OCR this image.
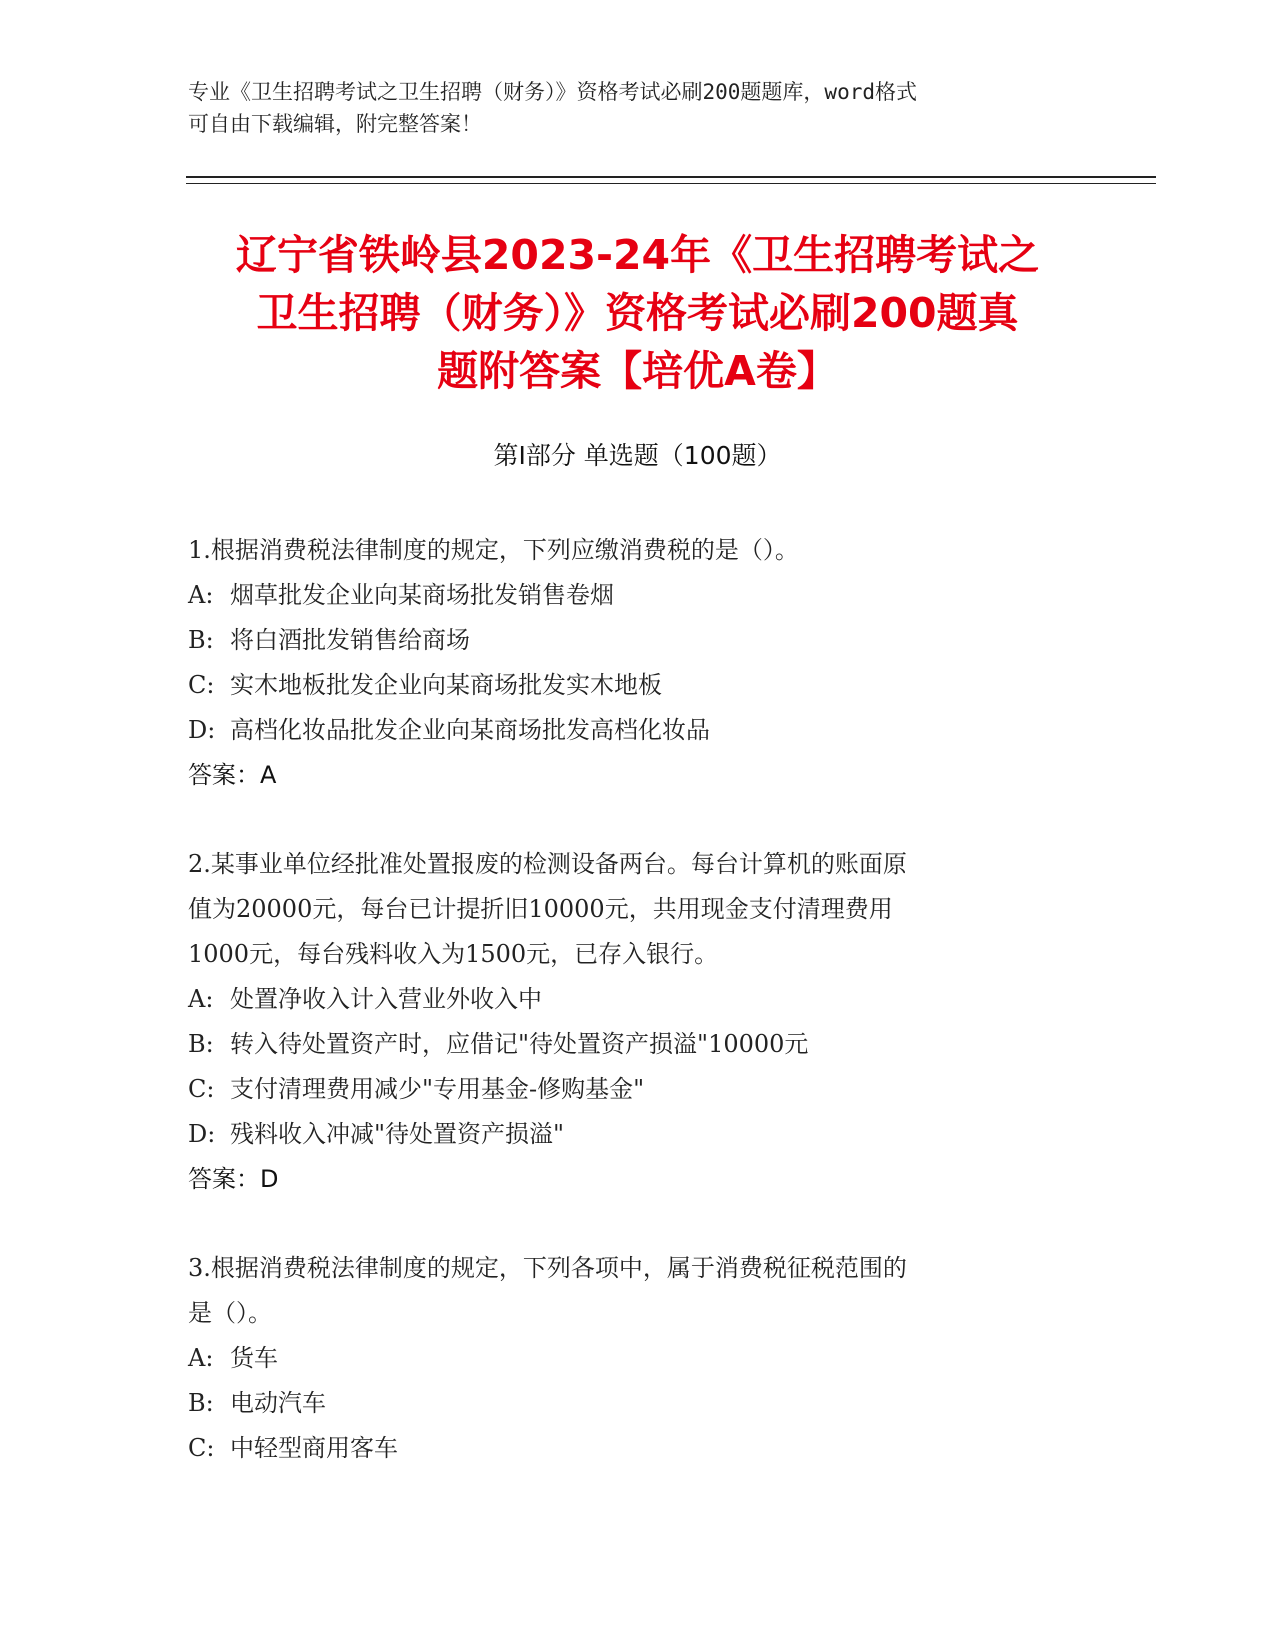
专业《卫生招聘考试之卫生招聘（财务）》资格考试必刷200题题库，word格式
可自由下载编辑，附完整答案！
辽宁省铁岭县2023-24年《卫生招聘考试之
卫生招聘（财务）》资格考试必刷200题真
题附答案【培优A卷】
第Ⅰ部分 单选题（100题）
1.根据消费税法律制度的规定，下列应缴消费税的是（）。
A: 烟草批发企业向某商场批发销售卷烟
B: 将白酒批发销售给商场
C: 实木地板批发企业向某商场批发实木地板
D: 高档化妆品批发企业向某商场批发高档化妆品
答案：A
2.某事业单位经批准处置报废的检测设备两台。每台计算机的账面原
值为20000元，每台已计提折旧10000元，共用现金支付清理费用
1000元，每台残料收入为1500元，已存入银行。
A: 处置净收入计入营业外收入中
B: 转入待处置资产时，应借记"待处置资产损溢"10000元
C: 支付清理费用减少"专用基金-修购基金"
D: 残料收入冲减"待处置资产损溢"
答案：D
3.根据消费税法律制度的规定，下列各项中，属于消费税征税范围的
是（）。
A: 货车
B: 电动汽车
C: 中轻型商用客车
